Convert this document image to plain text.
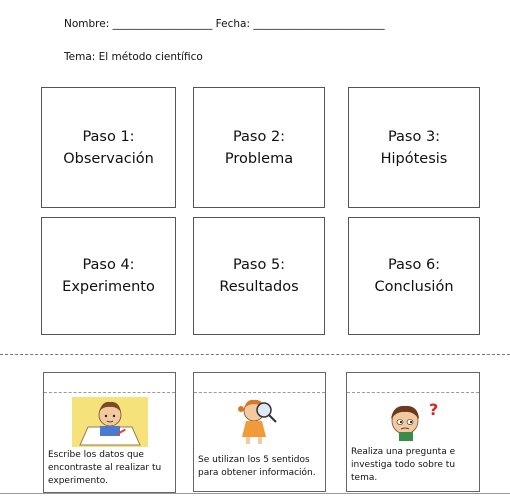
Nombre: ___________________ Fecha: _________________________
Tema: El método científico
Paso 1:
Observación
Paso 2:
Problema
Paso 3:
Hipótesis
Paso 4:
Experimento
Paso 5:
Resultados
Paso 6:
Conclusión
Escribe los datos que encontraste al realizar tu experimento.
Se utilizan los 5 sentidos para obtener información.
?
Realiza una pregunta e investiga todo sobre tu tema.
